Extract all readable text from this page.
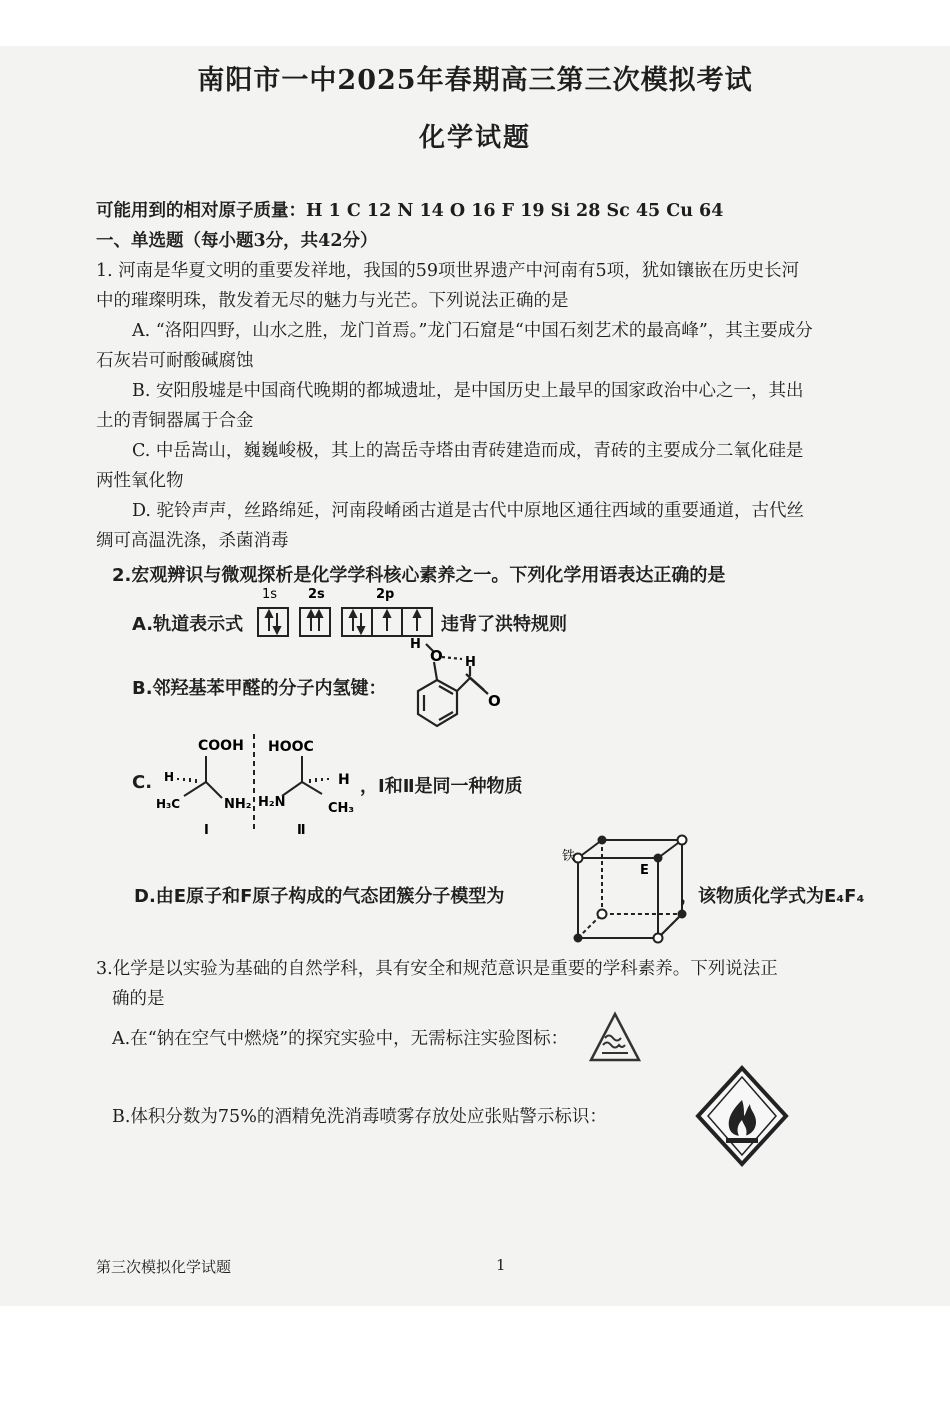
南阳市一中2025年春期高三第三次模拟考试
化学试题
可能用到的相对原子质量：H 1 C 12 N 14 O 16 F 19 Si 28 Sc 45 Cu 64
一、单选题（每小题3分，共42分）
1. 河南是华夏文明的重要发祥地，我国的59项世界遗产中河南有5项，犹如镶嵌在历史长河
中的璀璨明珠，散发着无尽的魅力与光芒。下列说法正确的是
A. “洛阳四野，山水之胜，龙门首焉。”龙门石窟是“中国石刻艺术的最高峰”，其主要成分
石灰岩可耐酸碱腐蚀
B. 安阳殷墟是中国商代晚期的都城遗址，是中国历史上最早的国家政治中心之一，其出
土的青铜器属于合金
C. 中岳嵩山，巍巍峻极，其上的嵩岳寺塔由青砖建造而成，青砖的主要成分二氧化硅是
两性氧化物
D. 驼铃声声，丝路绵延，河南段崤函古道是古代中原地区通往西域的重要通道，古代丝
绸可高温洗涤，杀菌消毒
2.宏观辨识与微观探析是化学学科核心素养之一。下列化学用语表达正确的是
A.轨道表示式
1s 2s	2p
违背了洪特规则
B.邻羟基苯甲醛的分子内氢键：
O
H
H
O
C.
COOH HOOC
H	H
H₃C	NH₂ H₂N	CH₃
Ⅰ	Ⅱ
，Ⅰ和Ⅱ是同一种物质
D.由E原子和F原子构成的气态团簇分子模型为
铁
E
，该物质化学式为E₄F₄
3.化学是以实验为基础的自然学科，具有安全和规范意识是重要的学科素养。下列说法正
确的是
A.在“钠在空气中燃烧”的探究实验中，无需标注实验图标：
B.体积分数为75%的酒精免洗消毒喷雾存放处应张贴警示标识：
第三次模拟化学试题	1
